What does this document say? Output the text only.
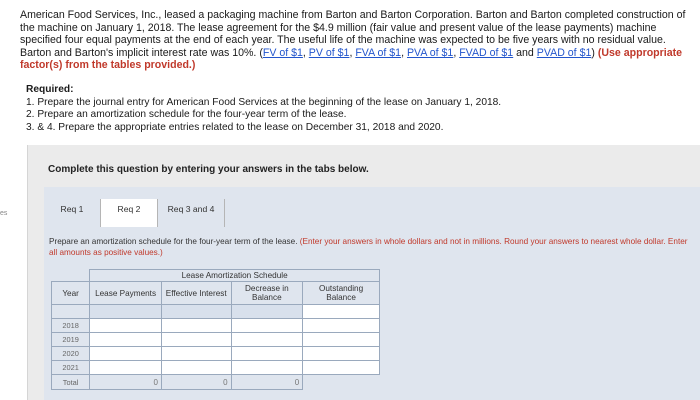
American Food Services, Inc., leased a packaging machine from Barton and Barton Corporation. Barton and Barton completed construction of the machine on January 1, 2018. The lease agreement for the $4.9 million (fair value and present value of the lease payments) machine specified four equal payments at the end of each year. The useful life of the machine was expected to be five years with no residual value. Barton and Barton's implicit interest rate was 10%. (FV of $1, PV of $1, FVA of $1, PVA of $1, FVAD of $1 and PVAD of $1) (Use appropriate factor(s) from the tables provided.)
Required:
1. Prepare the journal entry for American Food Services at the beginning of the lease on January 1, 2018.
2. Prepare an amortization schedule for the four-year term of the lease.
3. & 4. Prepare the appropriate entries related to the lease on December 31, 2018 and 2020.
es
Complete this question by entering your answers in the tabs below.
Req 1	Req 2	Req 3 and 4
Prepare an amortization schedule for the four-year term of the lease. (Enter your answers in whole dollars and not in millions. Round your answers to nearest whole dollar. Enter all amounts as positive values.)
	Lease Amortization Schedule			
Year	Lease Payments	Effective Interest	Decrease in Balance	Outstanding Balance

2018				
2019				
2020				
2021				
Total	0	0	0	
